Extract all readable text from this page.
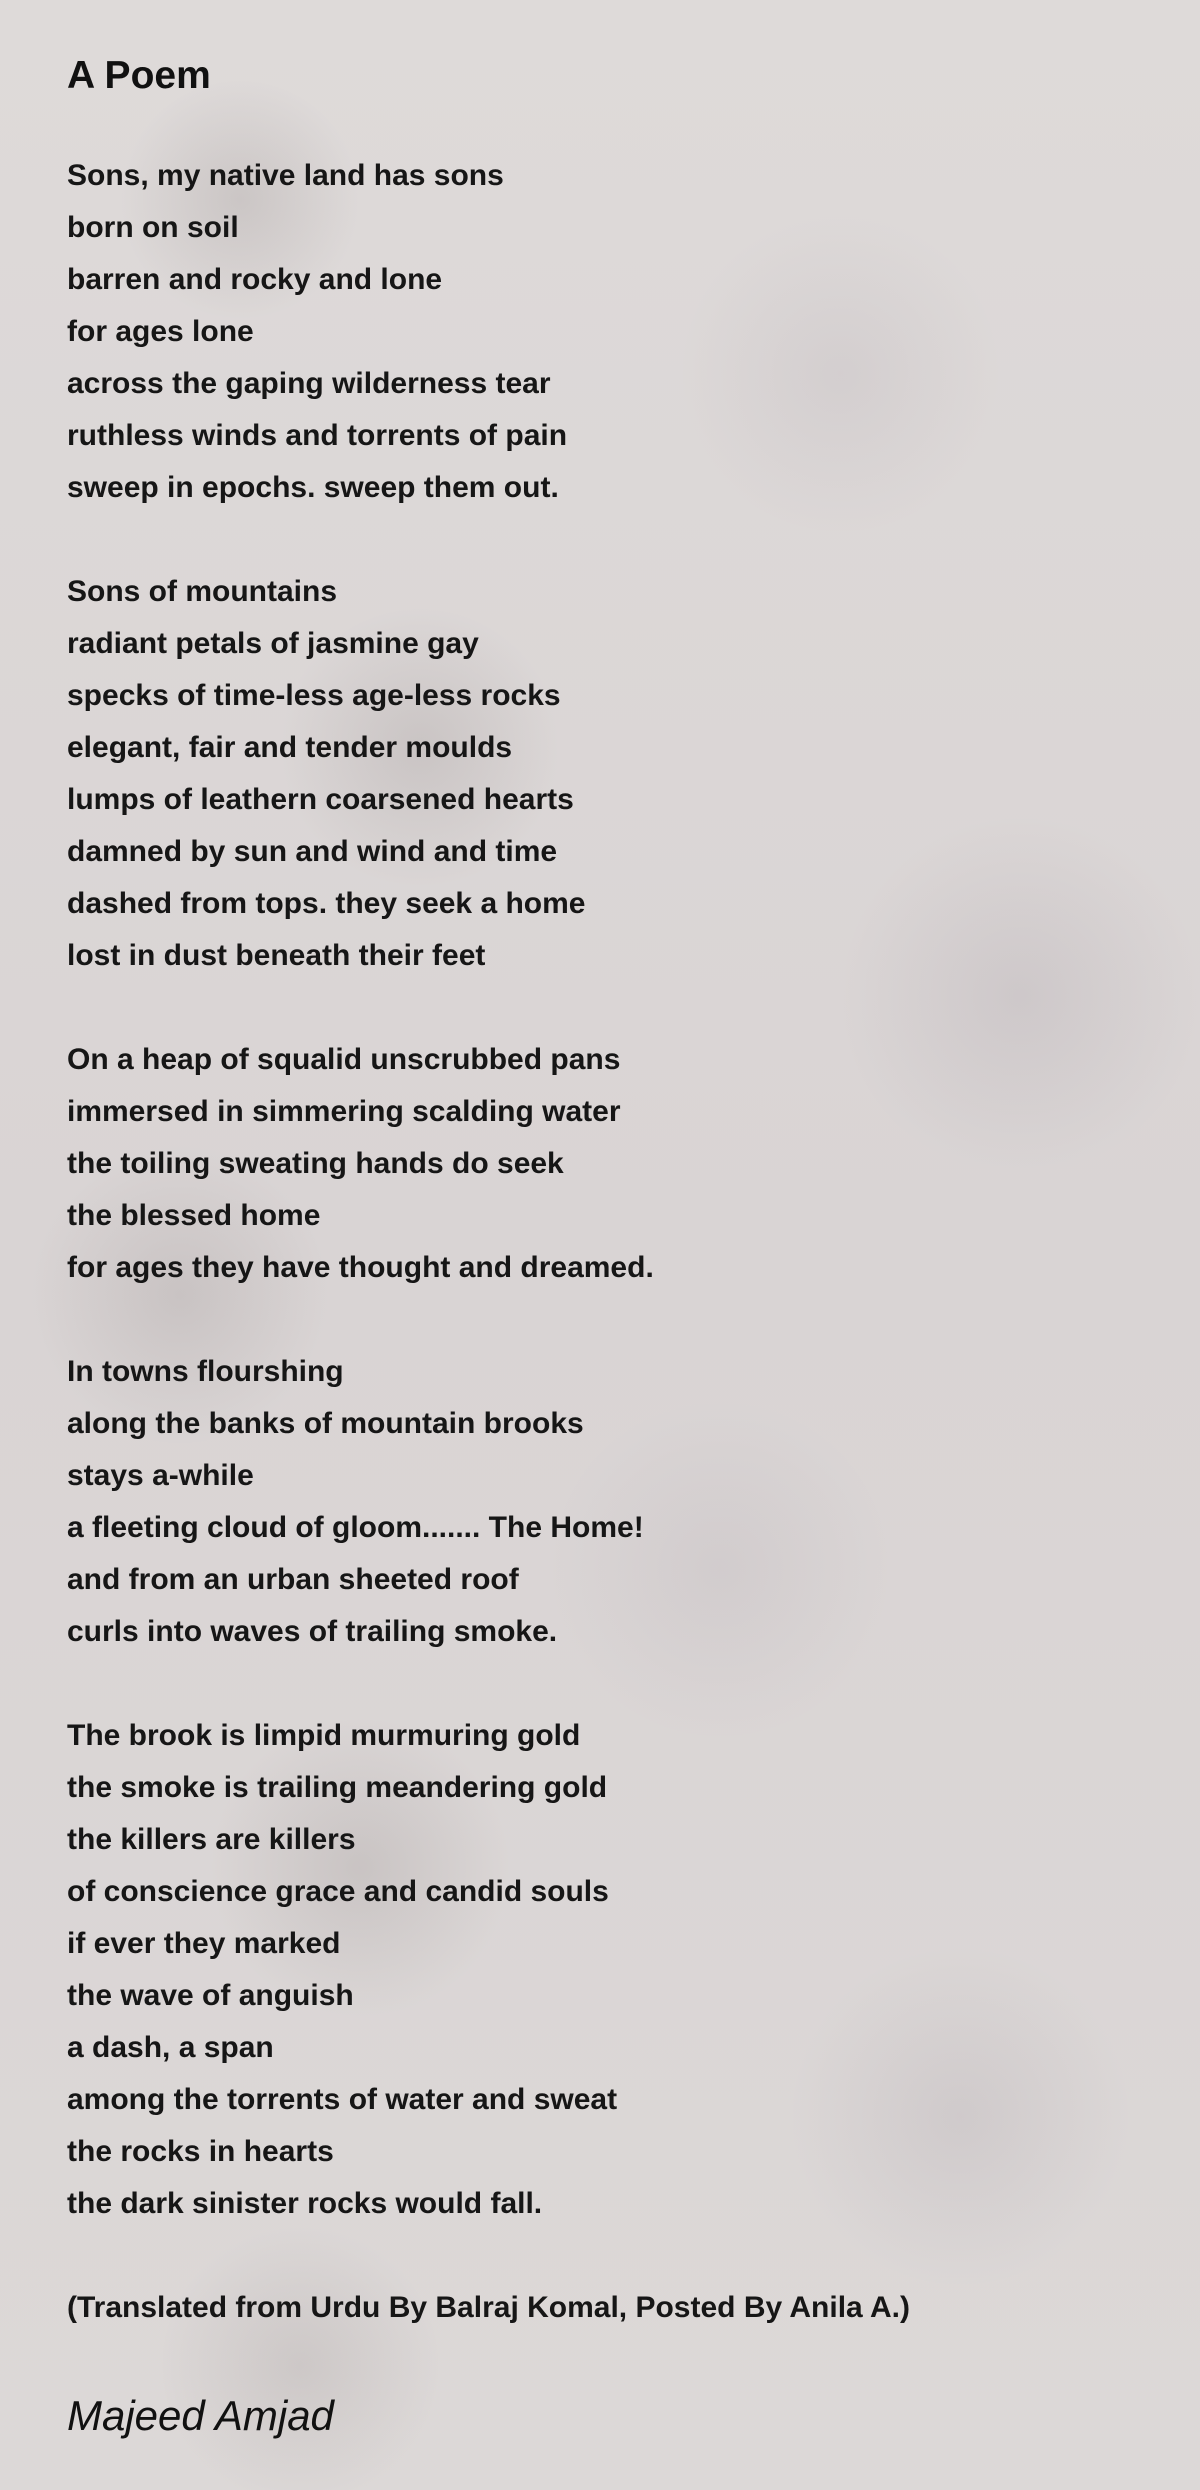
A Poem
Sons, my native land has sons
born on soil
barren and rocky and lone
for ages lone
across the gaping wilderness tear
ruthless winds and torrents of pain
sweep in epochs. sweep them out.
Sons of mountains
radiant petals of jasmine gay
specks of time-less age-less rocks
elegant, fair and tender moulds
lumps of leathern coarsened hearts
damned by sun and wind and time
dashed from tops. they seek a home
lost in dust beneath their feet
On a heap of squalid unscrubbed pans
immersed in simmering scalding water
the toiling sweating hands do seek
the blessed home
for ages they have thought and dreamed.
In towns flourshing
along the banks of mountain brooks
stays a-while
a fleeting cloud of gloom....... The Home!
and from an urban sheeted roof
curls into waves of trailing smoke.
The brook is limpid murmuring gold
the smoke is trailing meandering gold
the killers are killers
of conscience grace and candid souls
if ever they marked
the wave of anguish
a dash, a span
among the torrents of water and sweat
the rocks in hearts
the dark sinister rocks would fall.
(Translated from Urdu By Balraj Komal, Posted By Anila A.)
Majeed Amjad
